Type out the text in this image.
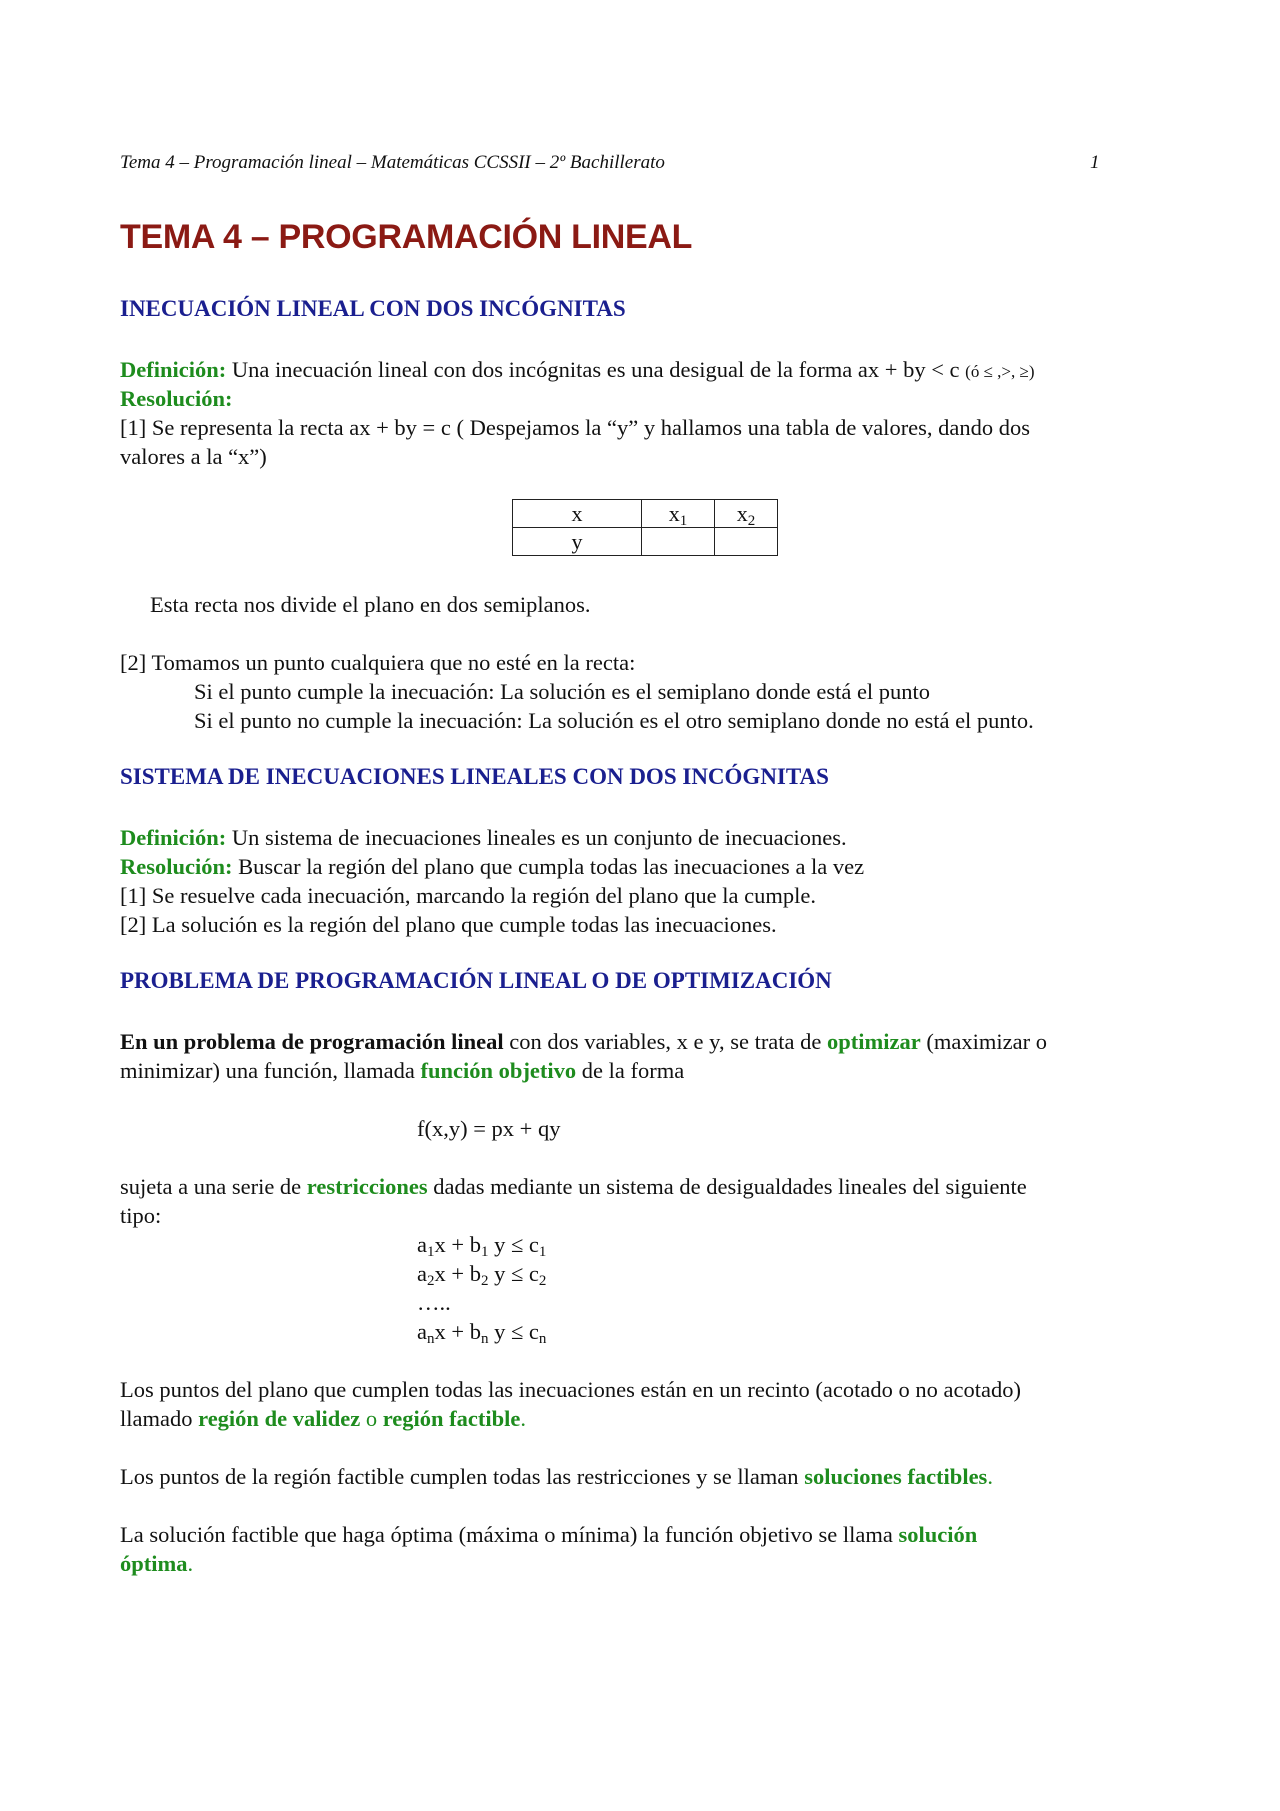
Tema 4 – Programación lineal – Matemáticas CCSSII – 2º Bachillerato	1
TEMA 4 – PROGRAMACIÓN LINEAL
INECUACIÓN LINEAL CON DOS INCÓGNITAS
Definición: Una inecuación lineal con dos incógnitas es una desigual de la forma ax + by < c (ó ≤ ,>, ≥)
Resolución:
[1] Se representa la recta ax + by = c ( Despejamos la “y” y hallamos una tabla de valores, dando dos
valores a la “x”)
x	$x_1$	$x_2$
y		
Esta recta nos divide el plano en dos semiplanos.
[2] Tomamos un punto cualquiera que no esté en la recta:
Si el punto cumple la inecuación: La solución es el semiplano donde está el punto
Si el punto no cumple la inecuación: La solución es el otro semiplano donde no está el punto.
SISTEMA DE INECUACIONES LINEALES CON DOS INCÓGNITAS
Definición: Un sistema de inecuaciones lineales es un conjunto de inecuaciones.
Resolución: Buscar la región del plano que cumpla todas las inecuaciones a la vez
[1] Se resuelve cada inecuación, marcando la región del plano que la cumple.
[2] La solución es la región del plano que cumple todas las inecuaciones.
PROBLEMA DE PROGRAMACIÓN LINEAL O DE OPTIMIZACIÓN
En un problema de programación lineal con dos variables, x e y, se trata de optimizar (maximizar o
minimizar) una función, llamada función objetivo de la forma
f(x,y) = px + qy
sujeta a una serie de restricciones dadas mediante un sistema de desigualdades lineales del siguiente
tipo:
$a_1x + b_1$ $y \le c_1$
$a_2x + b_2$ $y \le c_2$
…..
$a_nx + b_n$ $y \le c_n$
Los puntos del plano que cumplen todas las inecuaciones están en un recinto (acotado o no acotado)
llamado región de validez o región factible.
Los puntos de la región factible cumplen todas las restricciones y se llaman soluciones factibles.
La solución factible que haga óptima (máxima o mínima) la función objetivo se llama solución
óptima.
